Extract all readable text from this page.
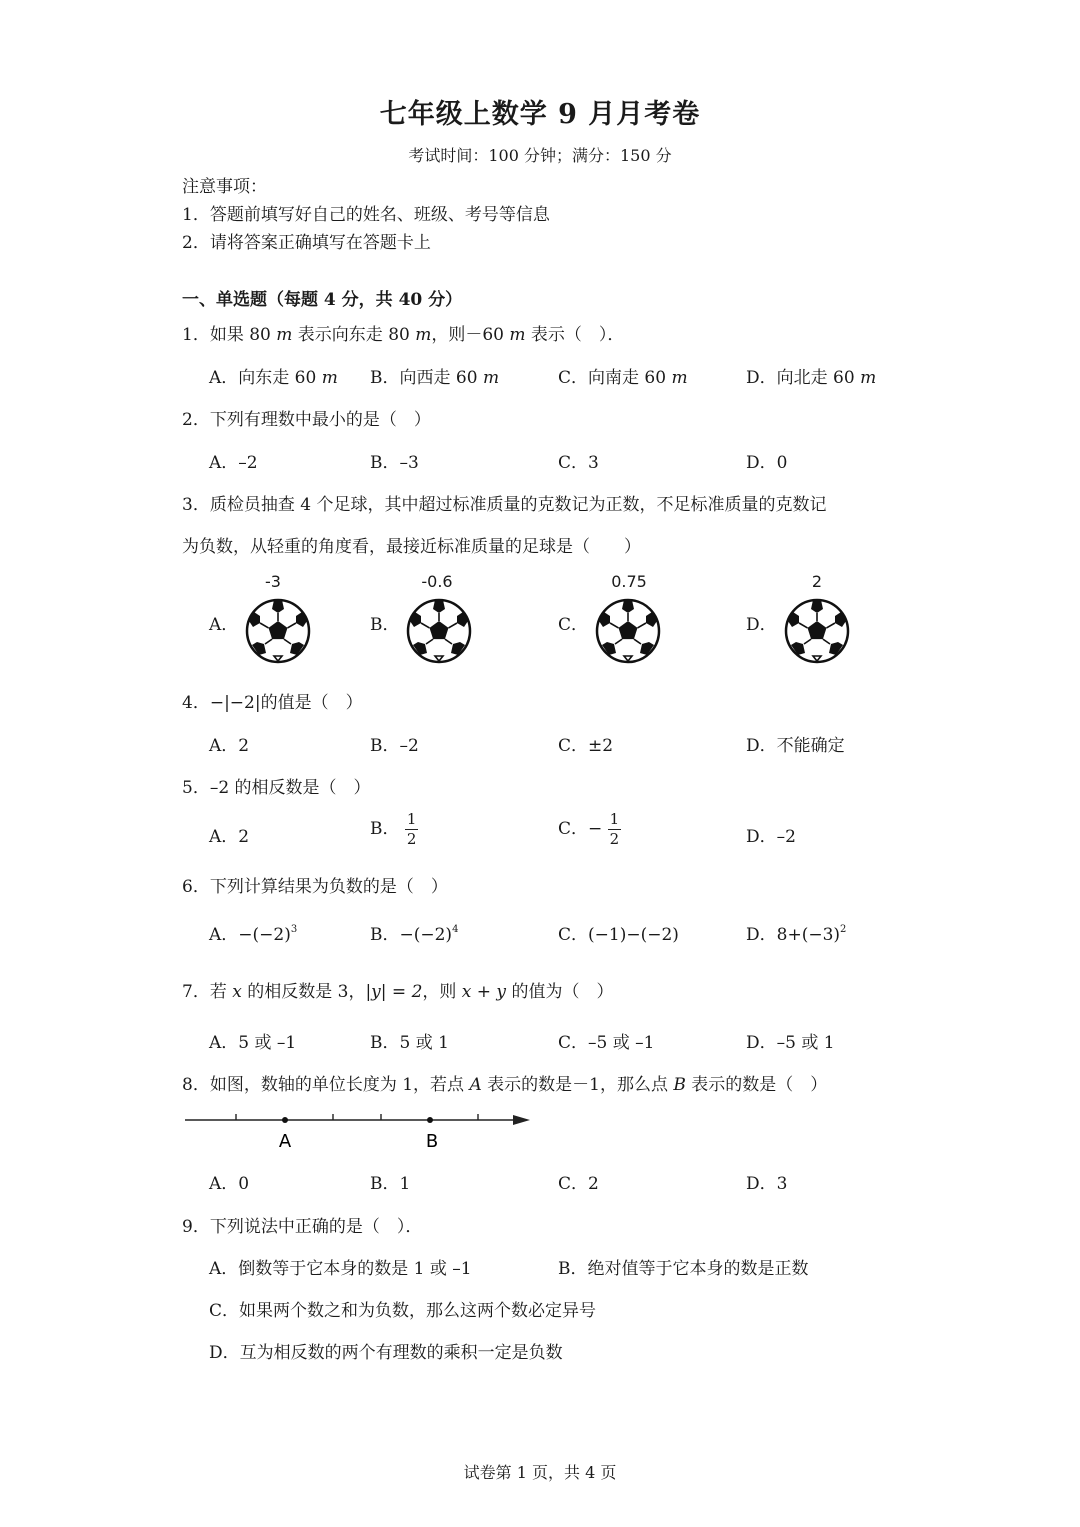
七年级上数学 9 月月考卷
考试时间：100 分钟；满分：150 分
注意事项：
1．答题前填写好自己的姓名、班级、考号等信息
2．请将答案正确填写在答题卡上
一、单选题（每题 4 分，共 40 分）
1．如果 80 m 表示向东走 80 m，则－60 m 表示（　）．
A．向东走 60 m B．向西走 60 m	C．向南走 60 m	D．向北走 60 m
2．下列有理数中最小的是（　）
A．–2	B．–3	C．3	D．0
3．质检员抽查 4 个足球，其中超过标准质量的克数记为正数，不足标准质量的克数记
为负数，从轻重的角度看，最接近标准质量的足球是（　　）
A．
-3
B．
-0.6
C．
0.75
D．
2
4．−|−2|的值是（　）
A．2	B．–2	C．±2	D．不能确定
5．–2 的相反数是（　）
A．2	B． $\frac{1}{2}$	C．− $\frac{1}{2}$	D．–2
6．下列计算结果为负数的是（　）
A．$-(-2)^3$	B．$-(-2)^4$	C．(−1)−(−2)	D．$8+(-3)^2$
7．若 x 的相反数是 3，|y| = 2，则 x + y 的值为（　）
A．5 或 –1	B．5 或 1	C．–5 或 –1	D．–5 或 1
8．如图，数轴的单位长度为 1，若点 A 表示的数是－1，那么点 B 表示的数是（　）
A	B
A．0	B．1	C．2	D．3
9．下列说法中正确的是（　）．
A．倒数等于它本身的数是 1 或 –1	B．绝对值等于它本身的数是正数
C．如果两个数之和为负数，那么这两个数必定异号
D．互为相反数的两个有理数的乘积一定是负数
试卷第 1 页，共 4 页
